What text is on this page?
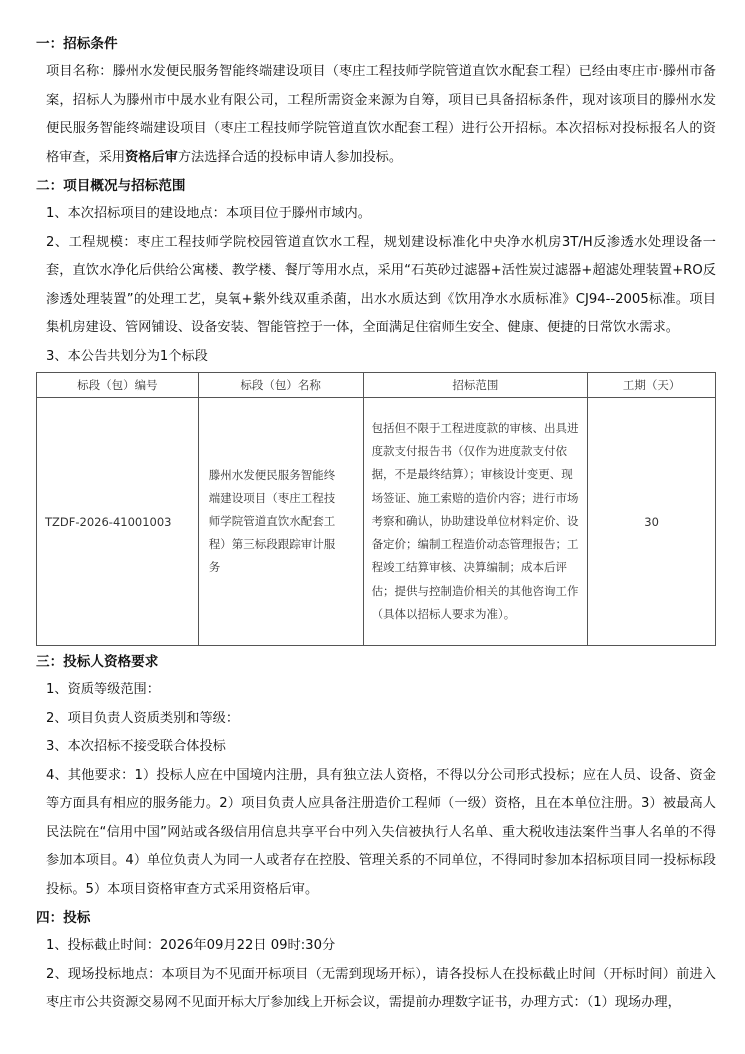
一：招标条件
项目名称：滕州水发便民服务智能终端建设项目（枣庄工程技师学院管道直饮水配套工程）已经由枣庄市·滕州市备案，招标人为滕州市中晟水业有限公司，工程所需资金来源为自筹，项目已具备招标条件，现对该项目的滕州水发便民服务智能终端建设项目（枣庄工程技师学院管道直饮水配套工程）进行公开招标。本次招标对投标报名人的资格审查，采用资格后审方法选择合适的投标申请人参加投标。
二：项目概况与招标范围
1、本次招标项目的建设地点：本项目位于滕州市域内。
2、工程规模：枣庄工程技师学院校园管道直饮水工程，规划建设标准化中央净水机房3T/H反渗透水处理设备一套，直饮水净化后供给公寓楼、教学楼、餐厅等用水点，采用“石英砂过滤器+活性炭过滤器+超滤处理装置+RO反渗透处理装置”的处理工艺，臭氧+紫外线双重杀菌，出水水质达到《饮用净水水质标准》CJ94--2005标准。项目集机房建设、管网铺设、设备安装、智能管控于一体，全面满足住宿师生安全、健康、便捷的日常饮水需求。
3、本公告共划分为1个标段
标段（包）编号	标段（包）名称	招标范围	工期（天）
TZDF-2026-41001003	滕州水发便民服务智能终端建设项目（枣庄工程技师学院管道直饮水配套工程）第三标段跟踪审计服务	包括但不限于工程进度款的审核、出具进度款支付报告书（仅作为进度款支付依据，不是最终结算）；审核设计变更、现场签证、施工索赔的造价内容；进行市场考察和确认，协助建设单位材料定价、设备定价；编制工程造价动态管理报告；工程竣工结算审核、决算编制；成本后评估；提供与控制造价相关的其他咨询工作（具体以招标人要求为准）。	30
三：投标人资格要求
1、资质等级范围：
2、项目负责人资质类别和等级：
3、本次招标不接受联合体投标
4、其他要求：1）投标人应在中国境内注册，具有独立法人资格，不得以分公司形式投标；应在人员、设备、资金等方面具有相应的服务能力。2）项目负责人应具备注册造价工程师（一级）资格，且在本单位注册。3）被最高人民法院在“信用中国”网站或各级信用信息共享平台中列入失信被执行人名单、重大税收违法案件当事人名单的不得参加本项目。4）单位负责人为同一人或者存在控股、管理关系的不同单位，不得同时参加本招标项目同一投标标段投标。5）本项目资格审查方式采用资格后审。
四：投标
1、投标截止时间：2026年09月22日 09时:30分
2、现场投标地点：本项目为不见面开标项目（无需到现场开标），请各投标人在投标截止时间（开标时间）前进入枣庄市公共资源交易网不见面开标大厅参加线上开标会议，需提前办理数字证书，办理方式：（1）现场办理，
